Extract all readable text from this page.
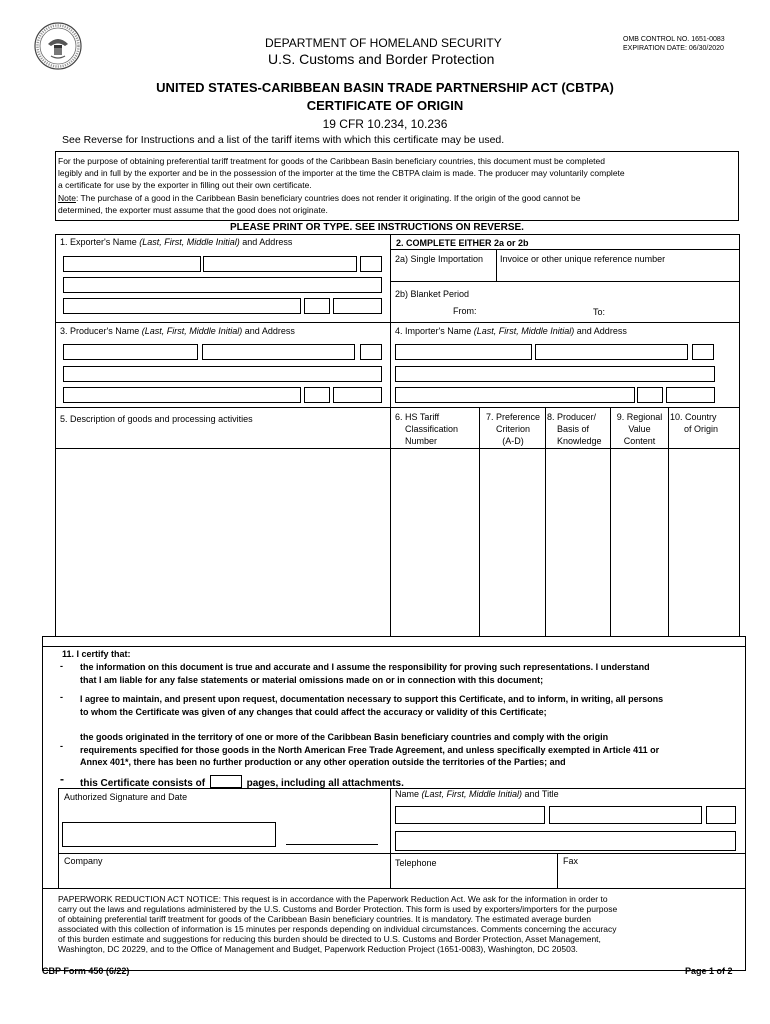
DEPARTMENT OF HOMELAND SECURITY
U.S. Customs and Border Protection
OMB CONTROL NO. 1651-0083
EXPIRATION DATE: 06/30/2020
UNITED STATES-CARIBBEAN BASIN TRADE PARTNERSHIP ACT (CBTPA)
CERTIFICATE OF ORIGIN
19 CFR 10.234, 10.236
See Reverse for Instructions and a list of the tariff items with which this certificate may be used.
For the purpose of obtaining preferential tariff treatment for goods of the Caribbean Basin beneficiary countries, this document must be completed
legibly and in full by the exporter and be in the possession of the importer at the time the CBTPA claim is made. The producer may voluntarily complete
a certificate for use by the exporter in filling out their own certificate.
Note: The purchase of a good in the Caribbean Basin beneficiary countries does not render it originating. If the origin of the good cannot be
determined, the exporter must assume that the good does not originate.
PLEASE PRINT OR TYPE. SEE INSTRUCTIONS ON REVERSE.
1. Exporter's Name (Last, First, Middle Initial) and Address	2. COMPLETE EITHER 2a or 2b
2a) Single Importation Invoice or other unique reference number
2b) Blanket Period
From:	To:
3. Producer's Name (Last, First, Middle Initial) and Address	4. Importer's Name (Last, First, Middle Initial) and Address
5. Description of goods and processing activities	6. HS Tariff
Classification
Number
7. Preference
Criterion
(A-D)
8. Producer/
Basis of
Knowledge
9. Regional
Value
Content
10. Country
of Origin
11. I certify that:
- the information on this document is true and accurate and I assume the responsibility for proving such representations. I understand
that I am liable for any false statements or material omissions made on or in connection with this document;
- I agree to maintain, and present upon request, documentation necessary to support this Certificate, and to inform, in writing, all persons
to whom the Certificate was given of any changes that could affect the accuracy or validity of this Certificate;
-
the goods originated in the territory of one or more of the Caribbean Basin beneficiary countries and comply with the origin
requirements specified for those goods in the North American Free Trade Agreement, and unless specifically exempted in Article 411 or
Annex 401*, there has been no further production or any other operation outside the territories of the Parties; and
- this Certificate consists of	pages, including all attachments.
Authorized Signature and Date	Name (Last, First, Middle Initial) and Title
Company	Telephone	Fax
PAPERWORK REDUCTION ACT NOTICE: This request is in accordance with the Paperwork Reduction Act. We ask for the information in order to
carry out the laws and regulations administered by the U.S. Customs and Border Protection. This form is used by exporters/importers for the purpose
of obtaining preferential tariff treatment for goods of the Caribbean Basin beneficiary countries. It is mandatory. The estimated average burden
associated with this collection of information is 15 minutes per responds depending on individual circumstances. Comments concerning the accuracy
of this burden estimate and suggestions for reducing this burden should be directed to U.S. Customs and Border Protection, Asset Management,
Washington, DC 20229, and to the Office of Management and Budget, Paperwork Reduction Project (1651-0083), Washington, DC 20503.
CBP Form 450 (6/22)	Page 1 of 2
